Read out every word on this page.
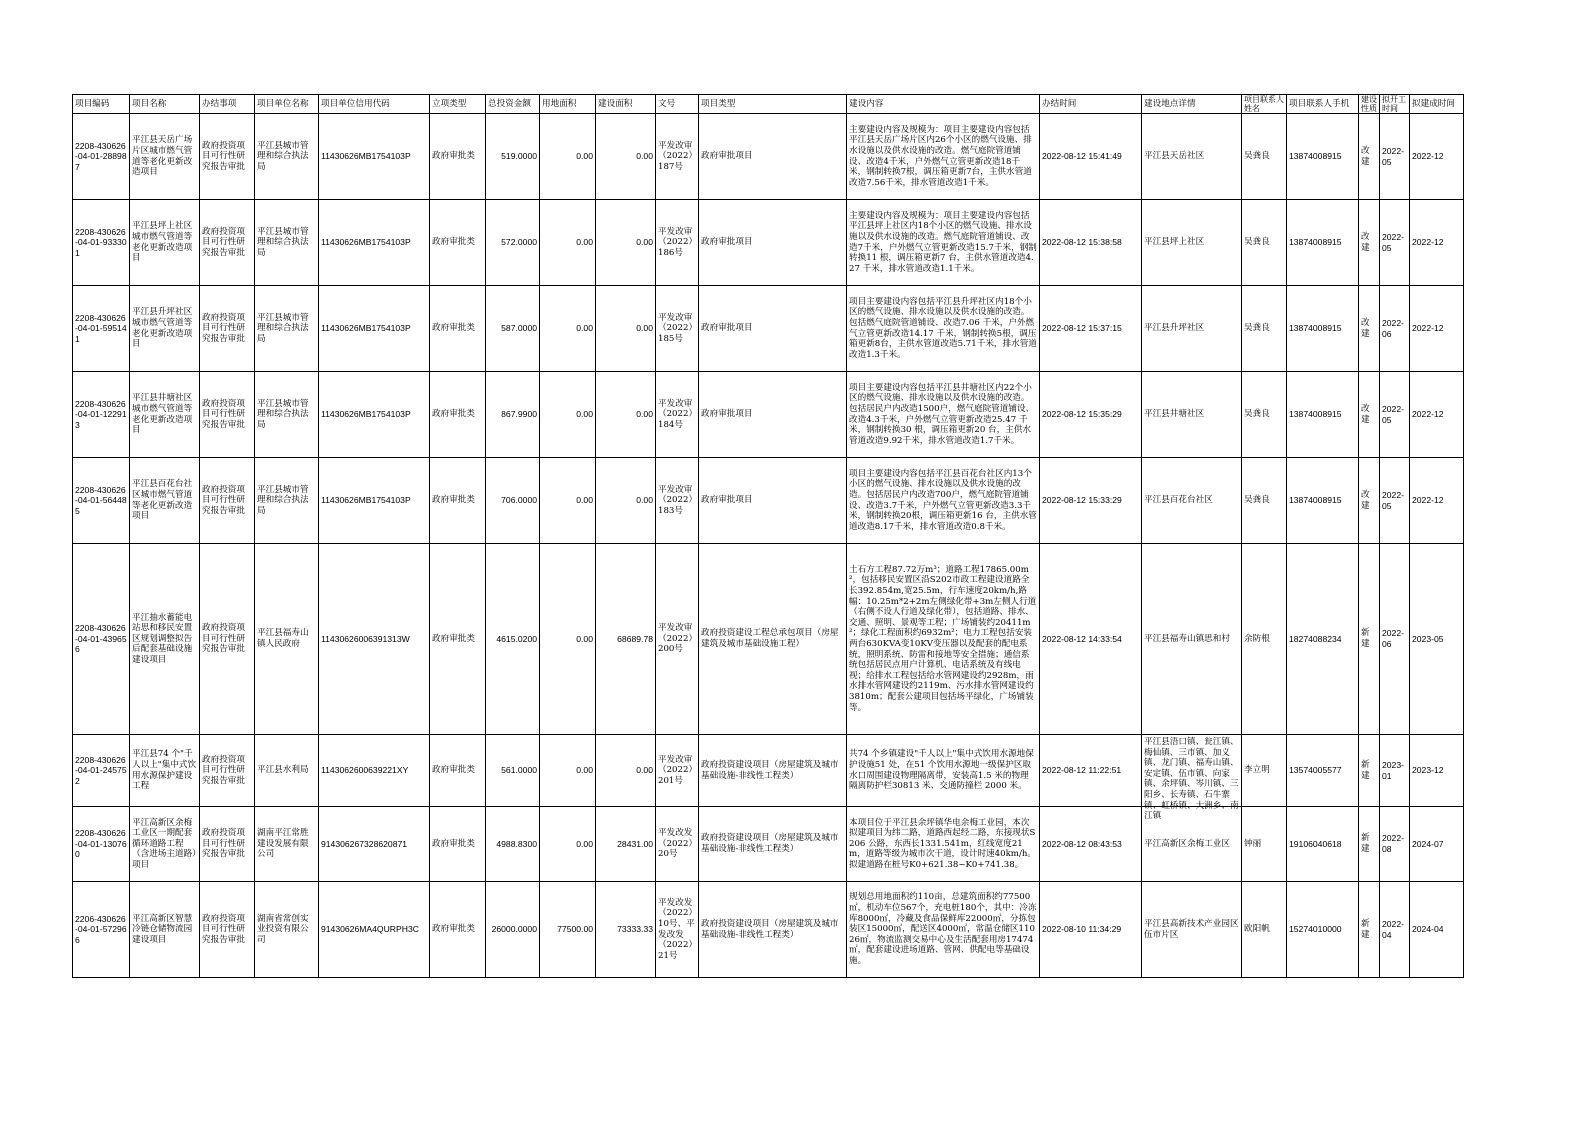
项目编码	项目名称	办结事项	项目单位名称	项目单位信用代码	立项类型	总投资金额	用地面积	建设面积	文号	项目类型	建设内容	办结时间	建设地点详情	项目联系人姓名	项目联系人手机	建设性质	拟开工时间	拟建成时间
2208-430626-04-01-288987	平江县天岳广场片区城市燃气管道等老化更新改造项目	政府投资项目可行性研究报告审批	平江县城市管理和综合执法局	11430626MB1754103P	政府审批类	519.0000	0.00	0.00	平发改审（2022）187号	政府审批项目	主要建设内容及规模为：项目主要建设内容包括平江县天岳广场片区内26个小区的燃气设施、排水设施以及供水设施的改造。燃气庭院管道铺设、改造4千米，户外燃气立管更新改造18千米，钢制转换7根，调压箱更新7台，主供水管道改造7.56千米，排水管道改造1千米。	2022-08-12 15:41:49	平江县天岳社区	吴龚良	13874008915	改建	2022-05	2022-12
2208-430626-04-01-933301	平江县坪上社区城市燃气管道等老化更新改造项目	政府投资项目可行性研究报告审批	平江县城市管理和综合执法局	11430626MB1754103P	政府审批类	572.0000	0.00	0.00	平发改审（2022）186号	政府审批项目	主要建设内容及规模为：项目主要建设内容包括平江县坪上社区内18个小区的燃气设施、排水设施以及供水设施的改造。燃气庭院管道铺设、改造7千米，户外燃气立管更新改造15.7千米，钢制转换11 根，调压箱更新7 台，主供水管道改造4.27 千米，排水管道改造1.1千米。	2022-08-12 15:38:58	平江县坪上社区	吴龚良	13874008915	改建	2022-05	2022-12
2208-430626-04-01-595141	平江县升坪社区城市燃气管道等老化更新改造项目	政府投资项目可行性研究报告审批	平江县城市管理和综合执法局	11430626MB1754103P	政府审批类	587.0000	0.00	0.00	平发改审（2022）185号	政府审批项目	项目主要建设内容包括平江县升坪社区内18个小区的燃气设施、排水设施以及供水设施的改造。包括燃气庭院管道铺设、改造7.06 千米，户外燃气立管更新改造14.17 千米，钢制转换5根，调压箱更新8台，主供水管道改造5.71千米，排水管道改造1.3千米。	2022-08-12 15:37:15	平江县升坪社区	吴龚良	13874008915	改建	2022-06	2022-12
2208-430626-04-01-122913	平江县井塘社区城市燃气管道等老化更新改造项目	政府投资项目可行性研究报告审批	平江县城市管理和综合执法局	11430626MB1754103P	政府审批类	867.9900	0.00	0.00	平发改审（2022）184号	政府审批项目	项目主要建设内容包括平江县井塘社区内22个小区的燃气设施、排水设施以及供水设施的改造。包括居民户内改造1500户，燃气庭院管道铺设、改造4.3千米，户外燃气立管更新改造25.47 千米，钢制转换30 根，调压箱更新20 台，主供水管道改造9.92千米，排水管道改造1.7千米。	2022-08-12 15:35:29	平江县井塘社区	吴龚良	13874008915	改建	2022-05	2022-12
2208-430626-04-01-564485	平江县百花台社区城市燃气管道等老化更新改造项目	政府投资项目可行性研究报告审批	平江县城市管理和综合执法局	11430626MB1754103P	政府审批类	706.0000	0.00	0.00	平发改审（2022）183号	政府审批项目	项目主要建设内容包括平江县百花台社区内13个小区的燃气设施、排水设施以及供水设施的改造。包括居民户内改造700户，燃气庭院管道铺设、改造3.7千米，户外燃气立管更新改造3.3千米，钢制转换20根，调压箱更新16 台，主供水管道改造8.17千米，排水管道改造0.8千米。	2022-08-12 15:33:29	平江县百花台社区	吴龚良	13874008915	改建	2022-05	2022-12
2208-430626-04-01-439656	平江抽水蓄能电站思和移民安置区规划调整拟告后配套基础设施建设项目	政府投资项目可行性研究报告审批	平江县福寿山镇人民政府	11430626006391313W	政府审批类	4615.0200	0.00	68689.78	平发改审（2022）200号	政府投资建设工程总承包项目（房屋建筑及城市基础设施工程）	土石方工程87.72万m³；道路工程17865.00m²，包括移民安置区沿S202市政工程建设道路全长392.854m,宽25.5m，行车速度20km/h,路幅：10.25m*2+2m左侧绿化带+3m左侧人行道（右侧不设人行道及绿化带），包括道路、排水、交通、照明、景观等工程；广场铺装约20411m²；绿化工程面积约6932m²；电力工程包括安装两台630KVA变10KV变压器以及配套的配电系统，照明系统、防雷和接地等安全措施；通信系统包括居民点用户计算机、电话系统及有线电视；给排水工程包括给水管网建设约2928m，雨水排水管网建设约2119m、污水排水管网建设约3810m；配套公建项目包括场平绿化，广场铺装等。	2022-08-12 14:33:54	平江县福寿山镇思和村	余防根	18274088234	新建	2022-06	2023-05
2208-430626-04-01-245752	平江县74 个"千人以上"集中式饮用水源保护建设工程	政府投资项目可行性研究报告审批	平江县水利局	1143062600639221XY	政府审批类	561.0000	0.00	0.00	平发改审（2022）201号	政府投资建设项目（房屋建筑及城市基础设施-非线性工程类）	共74 个乡镇建设"千人以上"集中式饮用水源地保护设施51 处，在51 个饮用水源地一级保护区取水口周围建设物理隔离带，安装高1.5 米的物理隔离防护栏30813 米、交通防撞栏 2000 米。	2022-08-12 11:22:51	平江县浯口镇、瓮江镇、梅仙镇、三市镇、加义镇、龙门镇、福寿山镇、安定镇、伍市镇、向家镇、余坪镇、岑川镇、三阳乡、长寿镇、石牛寨镇、虹桥镇、大洲乡、南江镇	李立明	13574005577	新建	2023-01	2023-12
2208-430626-04-01-130760	平江高新区余梅工业区一期配套循环道路工程（含进场主道路）项目	政府投资项目可行性研究报告审批	湖南平江常胜建设发展有限公司	914306267328620871	政府审批类	4988.8300	0.00	28431.00	平发改发（2022）20号	政府投资建设项目（房屋建筑及城市基础设施-非线性工程类）	本项目位于平江县余坪镇华电余梅工业园，本次拟建项目为纬二路，道路西起经二路，东接现状S206 公路，东西长1331.541m，红线宽度21m，道路等级为城市次干道，设计时速40km/h。拟建道路在桩号K0+621.38~K0+741.38。	2022-08-12 08:43:53	平江高新区余梅工业区	钟丽	19106040618	新建	2022-08	2024-07
2206-430626-04-01-572966	平江高新区智慧冷链仓储物流园建设项目	政府投资项目可行性研究报告审批	湖南省常创实业投资有限公司	91430626MA4QURPH3C	政府审批类	26000.0000	77500.00	73333.33	平发改发（2022）10号、平发改发（2022）21号	政府投资建设项目（房屋建筑及城市基础设施-非线性工程类）	规划总用地面积约110亩，总建筑面积约77500㎡，机动车位567个，充电桩180个，其中：冷冻库8000㎡，冷藏及食品保鲜库22000㎡，分拣包装区15000㎡，配送区4000㎡，常温仓储区11026㎡，物流监测交易中心及生活配套用房17474㎡，配套建设进场道路、管网、供配电等基础设施。	2022-08-10 11:34:29	平江县高新技术产业园区伍市片区	欧阳帆	15274010000	新建	2022-04	2024-04
